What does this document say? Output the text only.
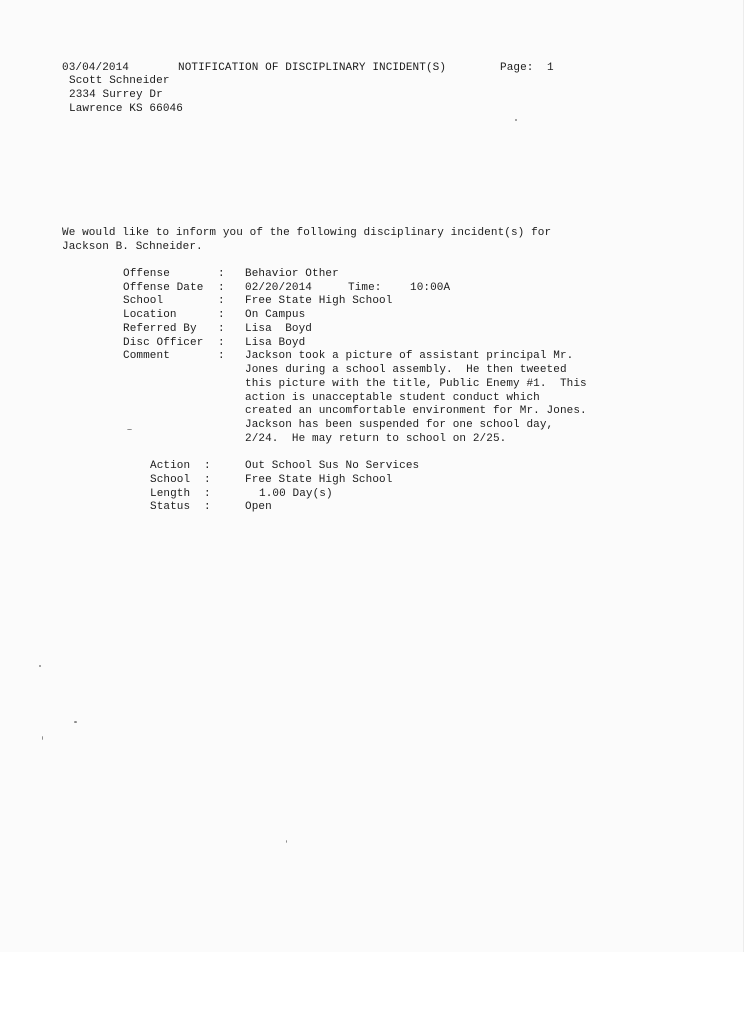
03/04/2014	NOTIFICATION OF DISCIPLINARY INCIDENT(S)	Page: 1
Scott Schneider
2334 Surrey Dr
Lawrence KS 66046
We would like to inform you of the following disciplinary incident(s) for
Jackson B. Schneider.
Offense	: Behavior Other
Offense Date : 02/20/2014	Time:	10:00A
School	: Free State High School
Location	: On Campus
Referred By : Lisa  Boyd
Disc Officer : Lisa Boyd
Comment	: Jackson took a picture of assistant principal Mr.
Jones during a school assembly.  He then tweeted
this picture with the title, Public Enemy #1.  This
action is unacceptable student conduct which
created an uncomfortable environment for Mr. Jones.
Jackson has been suspended for one school day,
2/24.  He may return to school on 2/25.
Action :	Out School Sus No Services
School :	Free State High School
Length :	1.00 Day(s)
Status :	Open
